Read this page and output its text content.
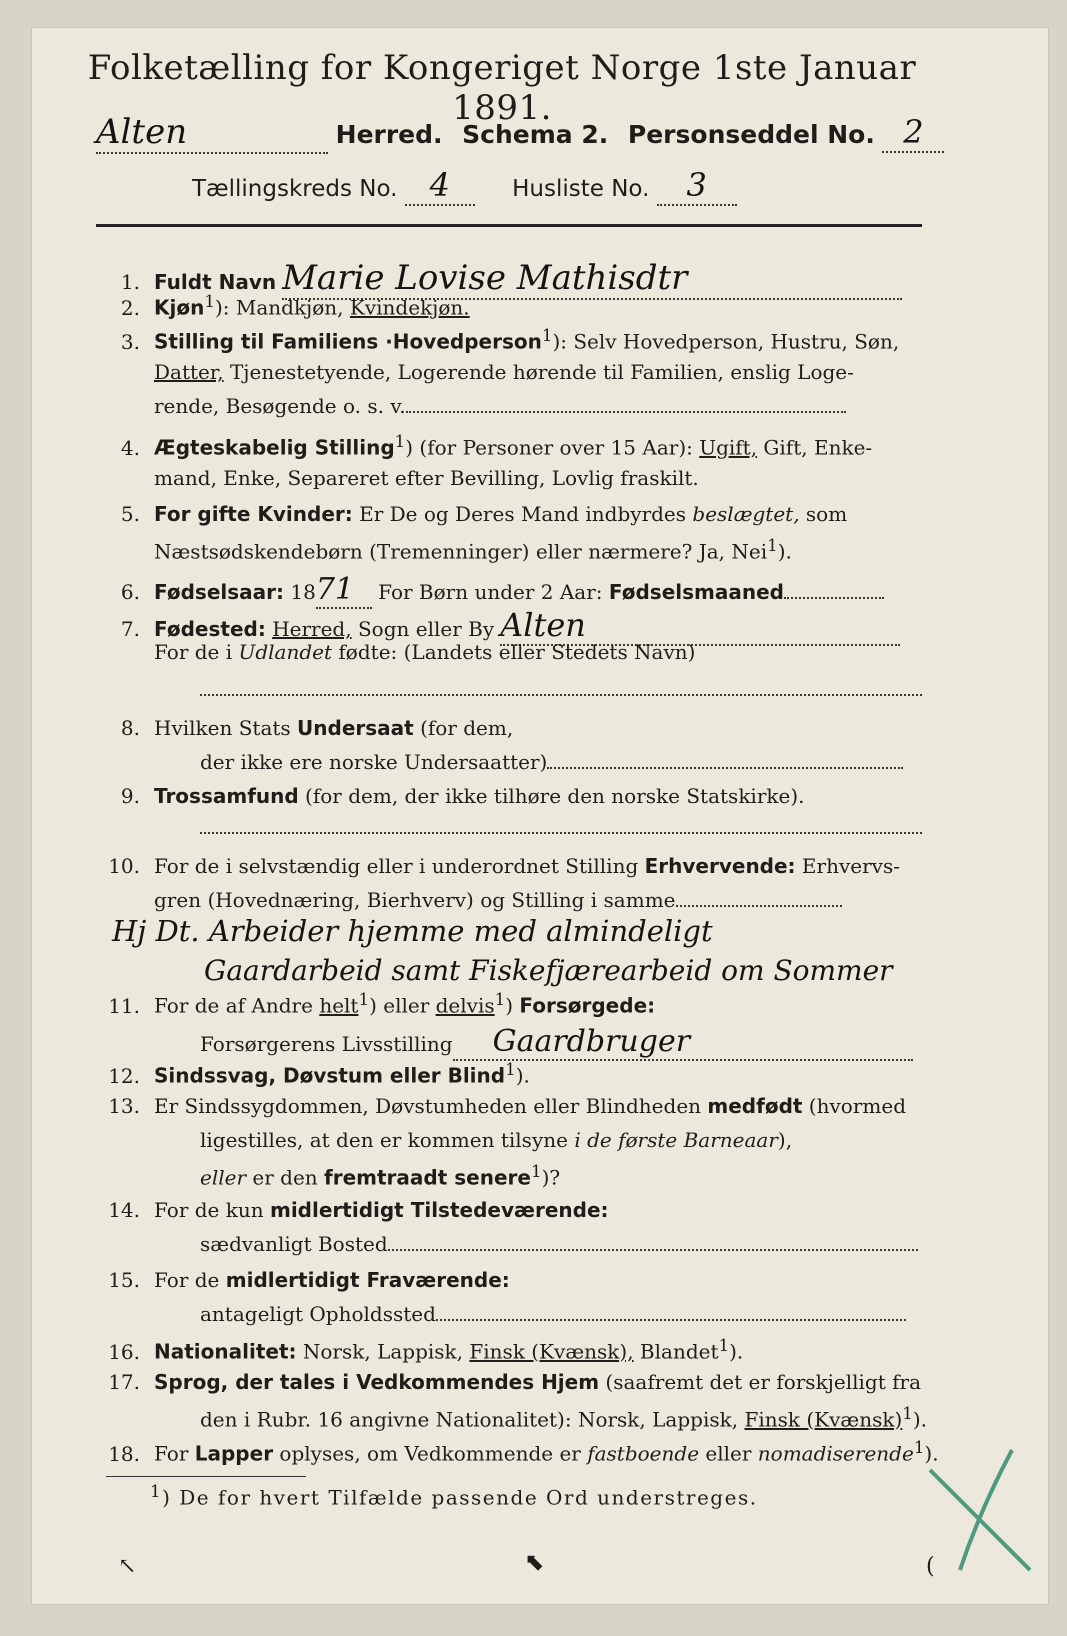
Folketælling for Kongeriget Norge 1ste Januar 1891.
Alten	Herred. Schema 2. Personseddel No. 2
Tællingskreds No. 4	Husliste No. 3
1. Fuldt Navn Marie Lovise Mathisdtr
2. Kjøn$^1$): Mandkjøn, Kvindekjøn.
3. Stilling til Familiens ·Hovedperson$^1$): Selv Hovedperson, Hustru, Søn,
Datter, Tjenestetyende, Logerende hørende til Familien, enslig Loge-
rende, Besøgende o. s. v.
4. Ægteskabelig Stilling$^1$) (for Personer over 15 Aar): Ugift, Gift, Enke-
mand, Enke, Separeret efter Bevilling, Lovlig fraskilt.
5. For gifte Kvinder: Er De og Deres Mand indbyrdes beslægtet, som
Næstsødskendebørn (Tremenninger) eller nærmere? Ja, Nei$^1$).
6. Fødselsaar: 1871 For Børn under 2 Aar: Fødselsmaaned
7. Fødested: Herred, Sogn eller By Alten
For de i Udlandet fødte: (Landets eller Stedets Navn)
8. Hvilken Stats Undersaat (for dem,
der ikke ere norske Undersaatter)
9. Trossamfund (for dem, der ikke tilhøre den norske Statskirke).
10. For de i selvstændig eller i underordnet Stilling Erhvervende: Erhvervs-
gren (Hovednæring, Bierhverv) og Stilling i samme
Hj Dt. Arbeider hjemme med almindeligt
Gaardarbeid samt Fiskefjærearbeid om Sommer
11. For de af Andre helt$^1$) eller delvis$^1$) Forsørgede:
Forsørgerens Livsstilling Gaardbruger
12. Sindssvag, Døvstum eller Blind$^1$).
13. Er Sindssygdommen, Døvstumheden eller Blindheden medfødt (hvormed
ligestilles, at den er kommen tilsyne i de første Barneaar),
eller er den fremtraadt senere$^1$)?
14. For de kun midlertidigt Tilstedeværende:
sædvanligt Bosted
15. For de midlertidigt Fraværende:
antageligt Opholdssted
16. Nationalitet: Norsk, Lappisk, Finsk (Kvænsk), Blandet$^1$).
17. Sprog, der tales i Vedkommendes Hjem (saafremt det er forskjelligt fra
den i Rubr. 16 angivne Nationalitet): Norsk, Lappisk, Finsk (Kvænsk)$^1$).
18. For Lapper oplyses, om Vedkommende er fastboende eller nomadiserende$^1$).
$^1$) De for hvert Tilfælde passende Ord understreges.
↖	⬉	(
